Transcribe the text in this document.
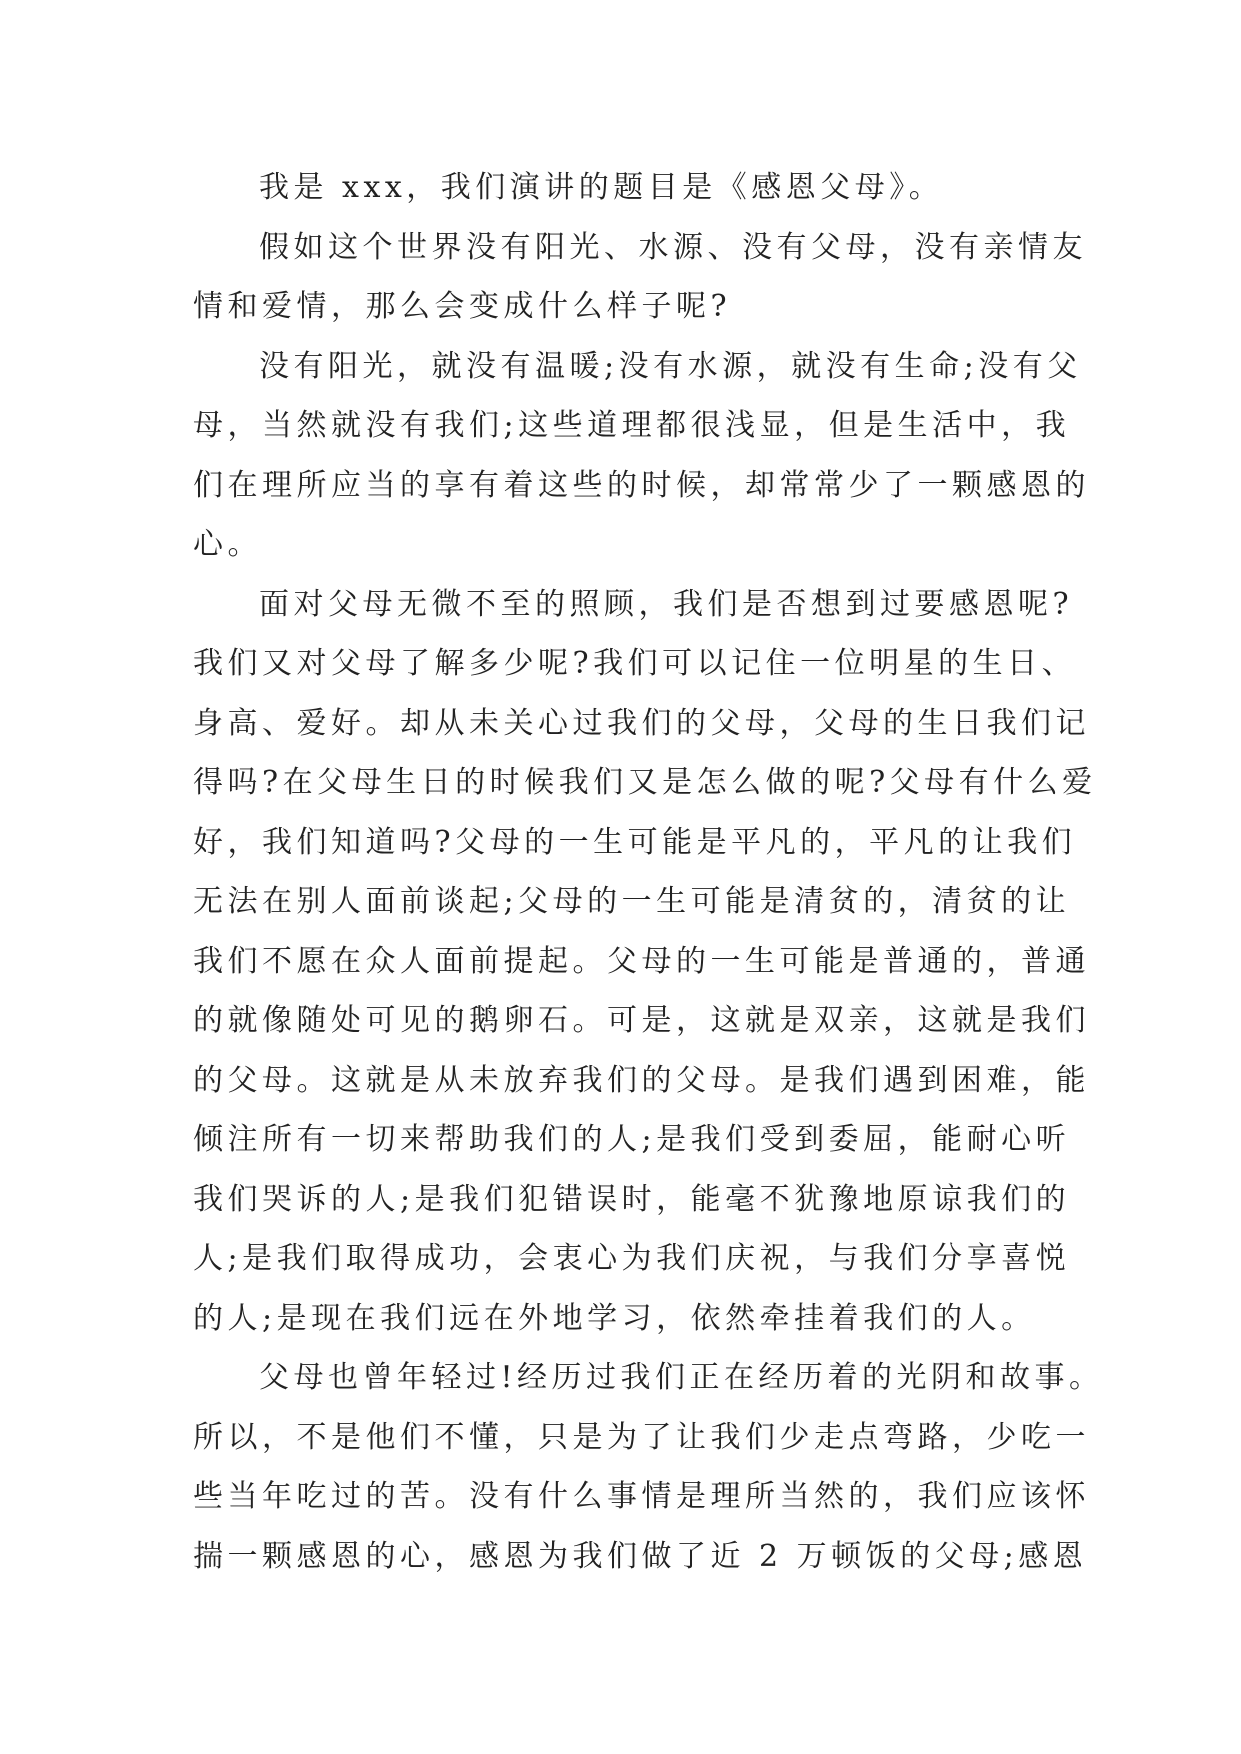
我是 xxx，我们演讲的题目是《感恩父母》。
假如这个世界没有阳光、水源、没有父母，没有亲情友
情和爱情，那么会变成什么样子呢?
没有阳光，就没有温暖;没有水源，就没有生命;没有父
母，当然就没有我们;这些道理都很浅显，但是生活中，我
们在理所应当的享有着这些的时候，却常常少了一颗感恩的
心。
面对父母无微不至的照顾，我们是否想到过要感恩呢?
我们又对父母了解多少呢?我们可以记住一位明星的生日、
身高、爱好。却从未关心过我们的父母，父母的生日我们记
得吗?在父母生日的时候我们又是怎么做的呢?父母有什么爱
好，我们知道吗?父母的一生可能是平凡的，平凡的让我们
无法在别人面前谈起;父母的一生可能是清贫的，清贫的让
我们不愿在众人面前提起。父母的一生可能是普通的，普通
的就像随处可见的鹅卵石。可是，这就是双亲，这就是我们
的父母。这就是从未放弃我们的父母。是我们遇到困难，能
倾注所有一切来帮助我们的人;是我们受到委屈，能耐心听
我们哭诉的人;是我们犯错误时，能毫不犹豫地原谅我们的
人;是我们取得成功，会衷心为我们庆祝，与我们分享喜悦
的人;是现在我们远在外地学习，依然牵挂着我们的人。
父母也曾年轻过!经历过我们正在经历着的光阴和故事。
所以，不是他们不懂，只是为了让我们少走点弯路，少吃一
些当年吃过的苦。没有什么事情是理所当然的，我们应该怀
揣一颗感恩的心，感恩为我们做了近 2 万顿饭的父母;感恩
